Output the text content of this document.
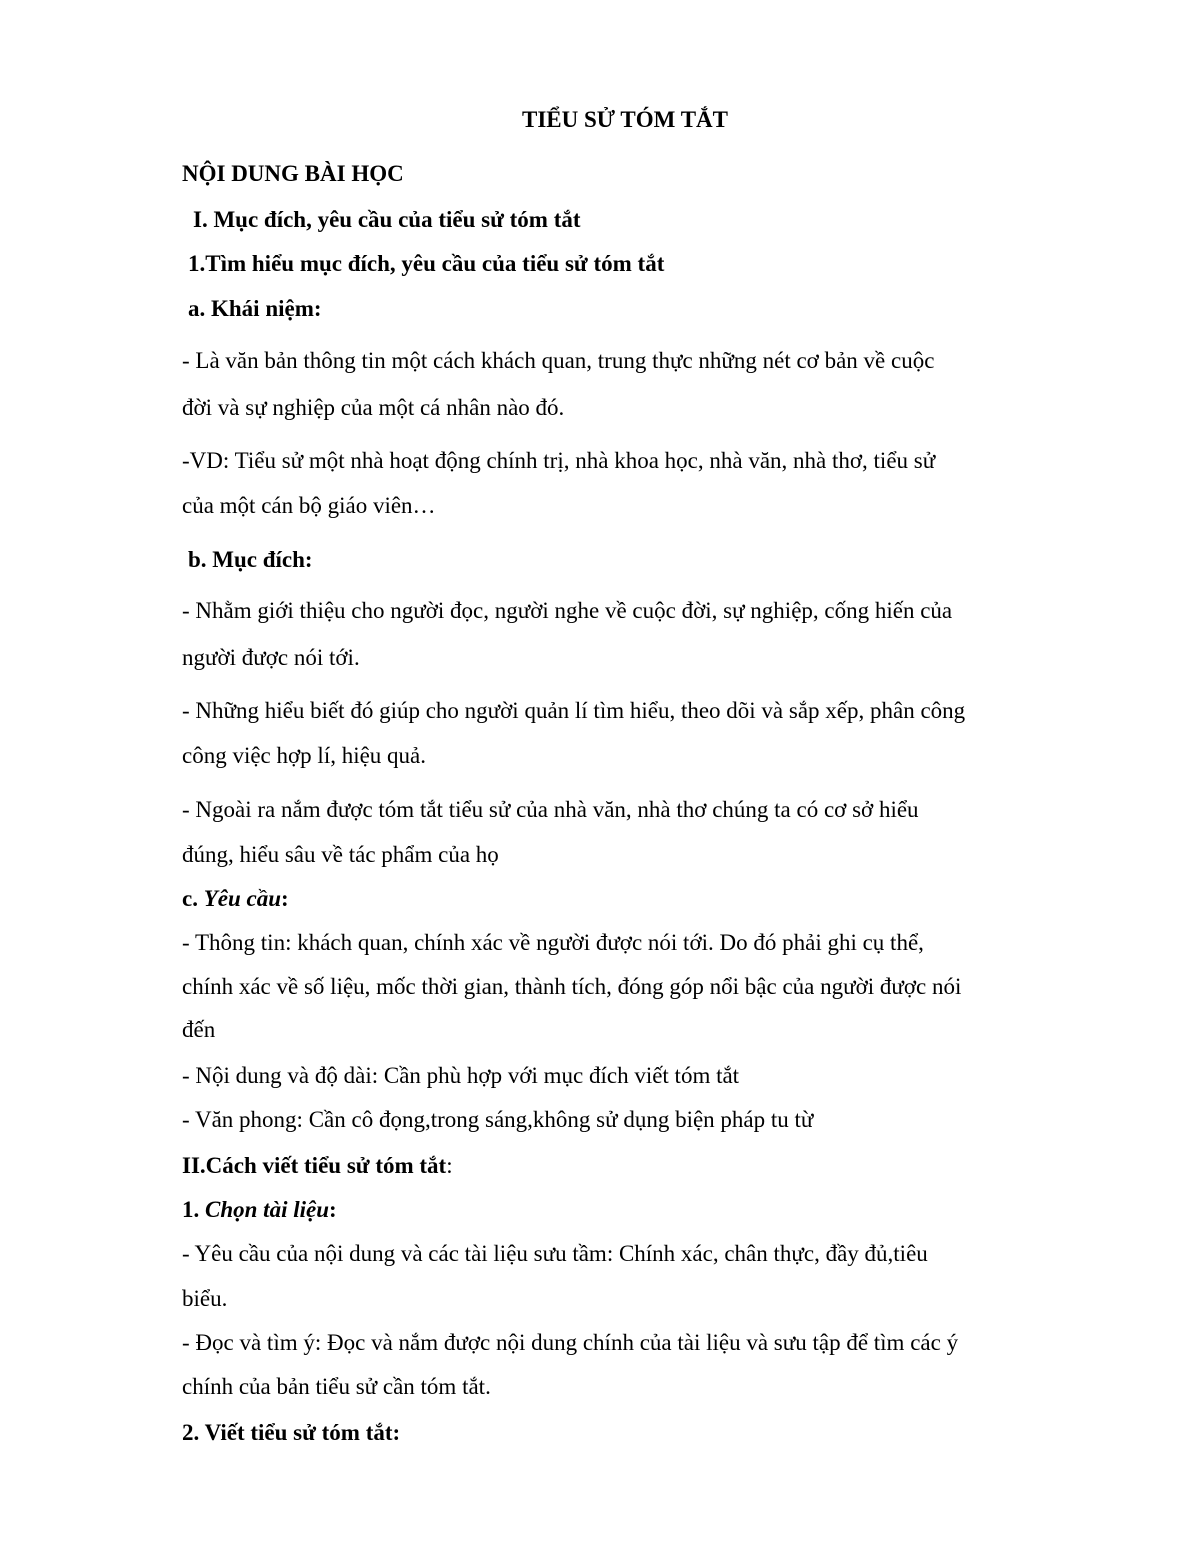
TIỂU SỬ TÓM TẮT
NỘI DUNG BÀI HỌC
I. Mục đích, yêu cầu của tiểu sử tóm tắt
1.Tìm hiểu mục đích, yêu cầu của tiểu sử tóm tắt
a. Khái niệm:
- Là văn bản thông tin một cách khách quan, trung thực những nét cơ bản về cuộc
đời và sự nghiệp của một cá nhân nào đó.
-VD: Tiểu sử một nhà hoạt động chính trị, nhà khoa học, nhà văn, nhà thơ, tiểu sử
của một cán bộ giáo viên…
b. Mục đích:
- Nhằm giới thiệu cho người đọc, người nghe về cuộc đời, sự nghiệp, cống hiến của
người được nói tới.
- Những hiểu biết đó giúp cho người quản lí tìm hiểu, theo dõi và sắp xếp, phân công
công việc hợp lí, hiệu quả.
- Ngoài ra nắm được tóm tắt tiểu sử của nhà văn, nhà thơ chúng ta có cơ sở hiểu
đúng, hiểu sâu về tác phẩm của họ
c. Yêu cầu:
- Thông tin: khách quan, chính xác về người được nói tới. Do đó phải ghi cụ thể,
chính xác về số liệu, mốc thời gian, thành tích, đóng góp nổi bậc của người được nói
đến
- Nội dung và độ dài: Cần phù hợp với mục đích viết tóm tắt
- Văn phong: Cần cô đọng,trong sáng,không sử dụng biện pháp tu từ
II.Cách viết tiểu sử tóm tắt:
1. Chọn tài liệu:
- Yêu cầu của nội dung và các tài liệu sưu tầm: Chính xác, chân thực, đầy đủ,tiêu
biểu.
- Đọc và tìm ý: Đọc và nắm được nội dung chính của tài liệu và sưu tập để tìm các ý
chính của bản tiểu sử cần tóm tắt.
2. Viết tiểu sử tóm tắt:
